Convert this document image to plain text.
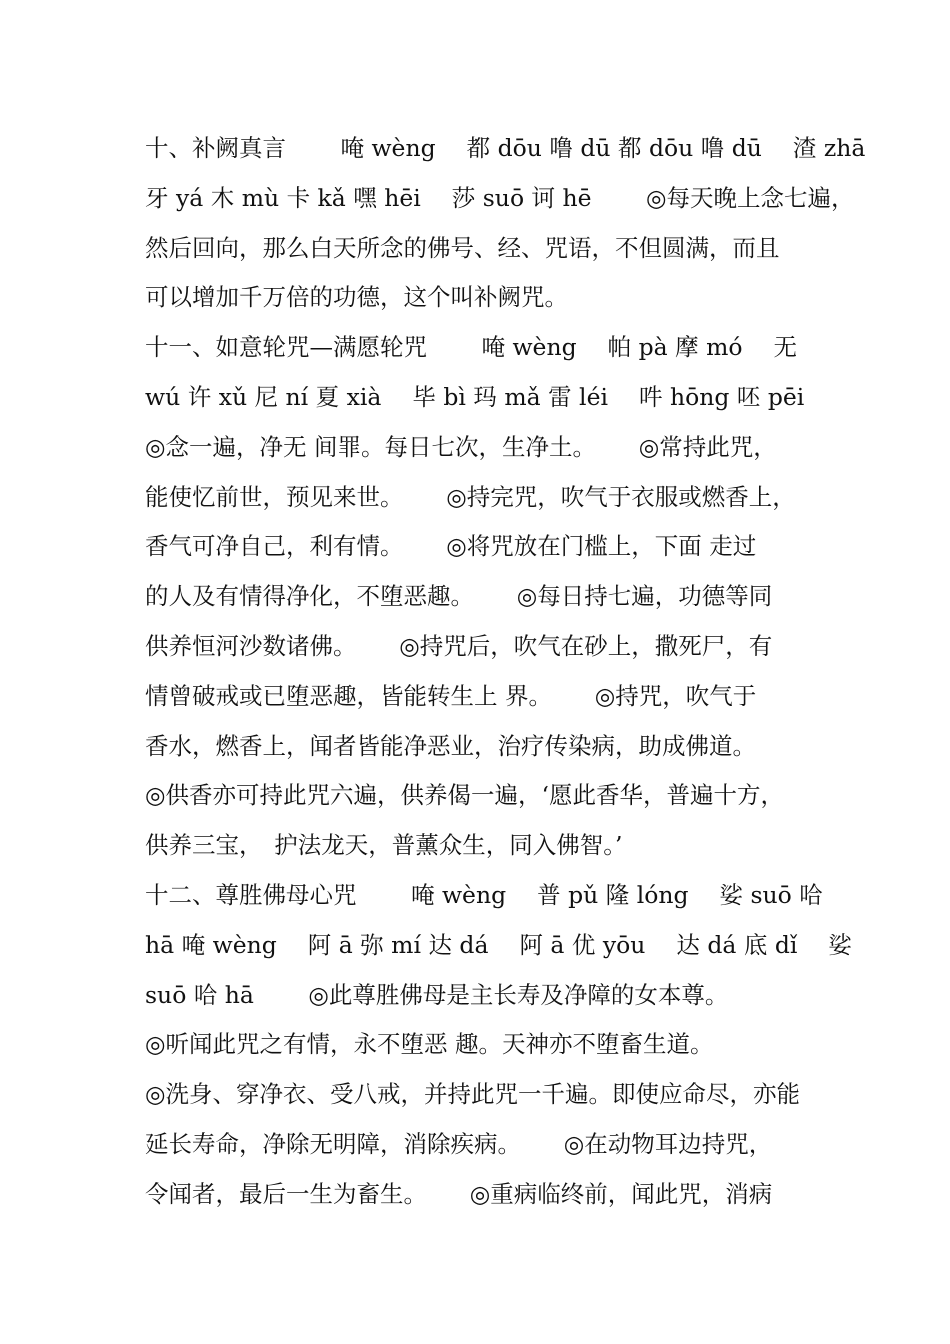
十、补阙真言　　 唵 wèng　 都 dōu 噜 dū 都 dōu 噜 dū　 渣 zhā
牙 yá 木 mù 卡 kǎ 嘿 hēi　 莎 suō 诃 hē　　 ◎每天晚上念七遍，
然后回向，那么白天所念的佛号、经、咒语，不但圆满，而且
可以增加千万倍的功德，这个叫补阙咒。
十一、如意轮咒—满愿轮咒　　 唵 wèng　 帕 pà 摩 mó　 无
wú 许 xǔ 尼 ní 夏 xià　 毕 bì 玛 mǎ 雷 léi　 吽 hōng 呸 pēi
◎念一遍，净无 间罪。每日七次，生净土。　　 ◎常持此咒，
能使忆前世，预见来世。　　 ◎持完咒，吹气于衣服或燃香上，
香气可净自己，利有情。　　 ◎将咒放在门槛上，下面 走过
的人及有情得净化，不堕恶趣。　　 ◎每日持七遍，功德等同
供养恒河沙数诸佛。　　 ◎持咒后，吹气在砂上，撒死尸，有
情曾破戒或已堕恶趣，皆能转生上 界。　　 ◎持咒，吹气于
香水，燃香上，闻者皆能净恶业，治疗传染病，助成佛道。
◎供香亦可持此咒六遍，供养偈一遍，‘愿此香华，普遍十方，
供养三宝，　护法龙天，普薰众生，同入佛智。’
十二、尊胜佛母心咒　　 唵 wèng　 普 pǔ 隆 lóng　 娑 suō 哈
hā 唵 wèng　 阿 ā 弥 mí 达 dá　 阿 ā 优 yōu　 达 dá 底 dǐ　 娑
suō 哈 hā　　 ◎此尊胜佛母是主长寿及净障的女本尊。
◎听闻此咒之有情，永不堕恶 趣。天神亦不堕畜生道。
◎洗身、穿净衣、受八戒，并持此咒一千遍。即使应命尽，亦能
延长寿命，净除无明障，消除疾病。　　 ◎在动物耳边持咒，
令闻者，最后一生为畜生。　　 ◎重病临终前，闻此咒，消病
